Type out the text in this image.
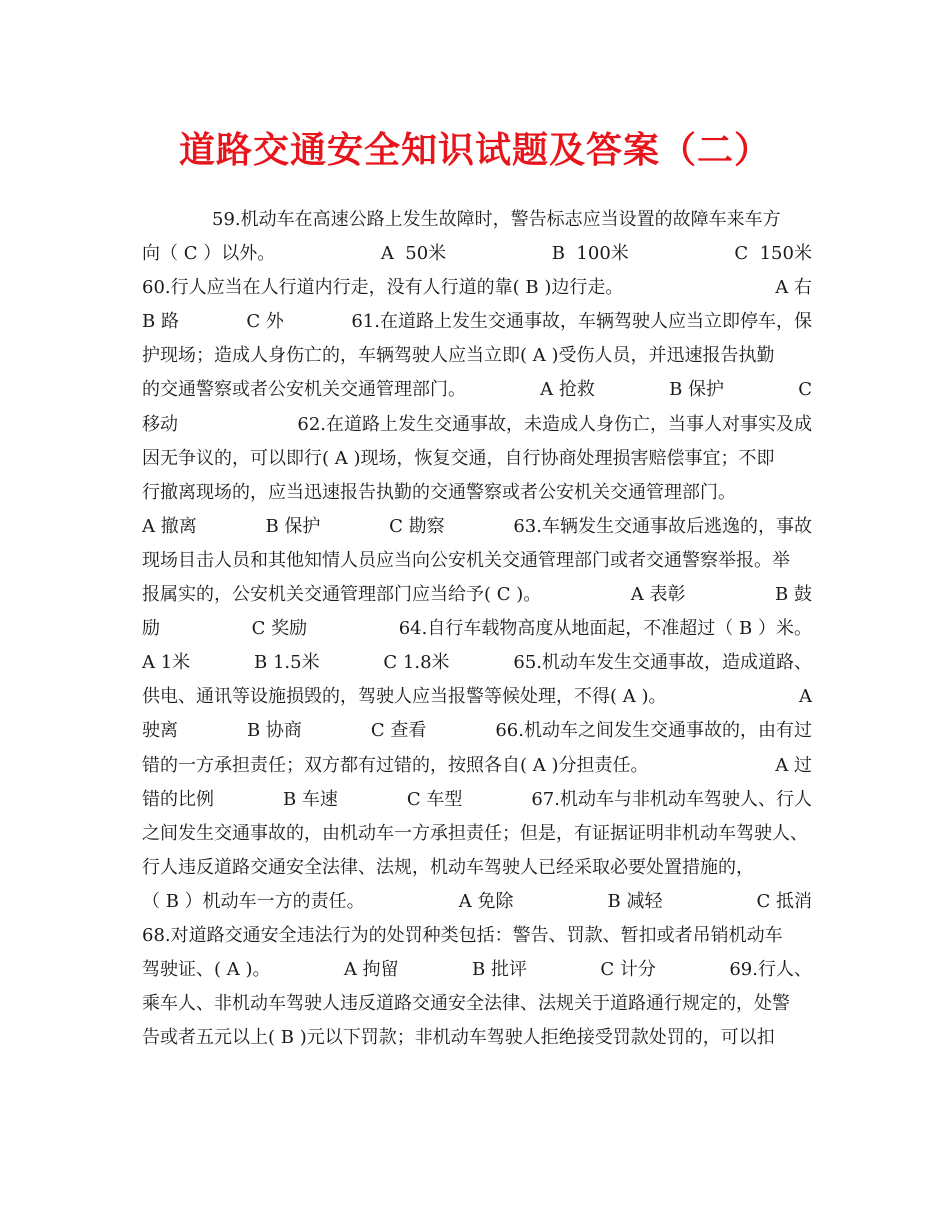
道路交通安全知识试题及答案（二）
59.机动车在高速公路上发生故障时，警告标志应当设置的故障车来车方
向（ C ）以外。	A  50米	B  100米	C  150米
60.行人应当在人行道内行走，没有人行道的靠( B )边行走。	A 右
B 路	C 外	61.在道路上发生交通事故，车辆驾驶人应当立即停车，保
护现场；造成人身伤亡的，车辆驾驶人应当立即( A )受伤人员，并迅速报告执勤
的交通警察或者公安机关交通管理部门。	A 抢救	B 保护	C
移动	62.在道路上发生交通事故，未造成人身伤亡，当事人对事实及成
因无争议的，可以即行( A )现场，恢复交通，自行协商处理损害赔偿事宜；不即
行撤离现场的，应当迅速报告执勤的交通警察或者公安机关交通管理部门。
A 撤离	B 保护	C 勘察	63.车辆发生交通事故后逃逸的，事故
现场目击人员和其他知情人员应当向公安机关交通管理部门或者交通警察举报。举
报属实的，公安机关交通管理部门应当给予( C )。	A 表彰	B 鼓
励	C 奖励	64.自行车载物高度从地面起，不准超过（ B ）米。
A 1米	B 1.5米	C 1.8米	65.机动车发生交通事故，造成道路、
供电、通讯等设施损毁的，驾驶人应当报警等候处理，不得( A )。	A
驶离	B 协商	C 查看	66.机动车之间发生交通事故的，由有过
错的一方承担责任；双方都有过错的，按照各自( A )分担责任。	A 过
错的比例	B 车速	C 车型	67.机动车与非机动车驾驶人、行人
之间发生交通事故的，由机动车一方承担责任；但是，有证据证明非机动车驾驶人、
行人违反道路交通安全法律、法规，机动车驾驶人已经采取必要处置措施的，
（ B ）机动车一方的责任。	A 免除	B 减轻	C 抵消
68.对道路交通安全违法行为的处罚种类包括：警告、罚款、暂扣或者吊销机动车
驾驶证、( A )。	A 拘留	B 批评	C 计分	69.行人、
乘车人、非机动车驾驶人违反道路交通安全法律、法规关于道路通行规定的，处警
告或者五元以上( B )元以下罚款；非机动车驾驶人拒绝接受罚款处罚的，可以扣
